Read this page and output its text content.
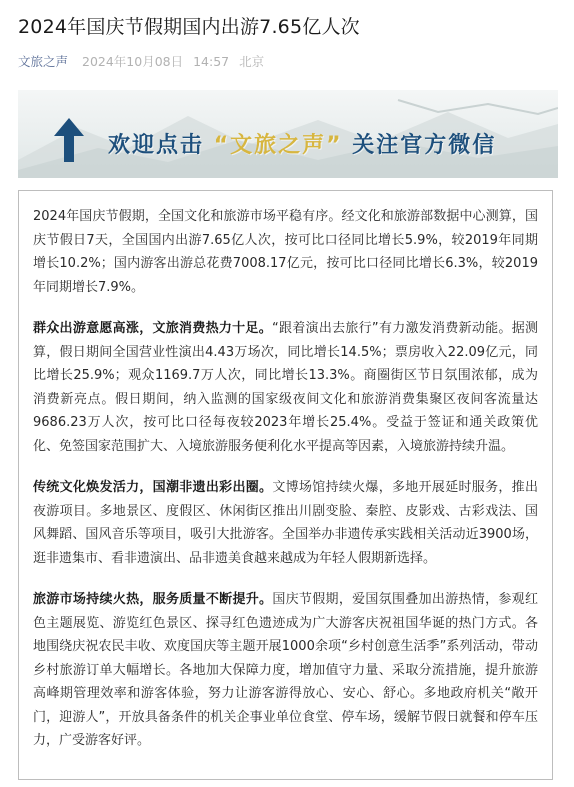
2024年国庆节假期国内出游7.65亿人次
文旅之声 2024年10月08日 14:57 北京
欢迎点击 “文旅之声” 关注官方微信

2024年国庆节假期，全国文化和旅游市场平稳有序。经文化和旅游部数据中心测算，国庆节假日7天，全国国内出游7.65亿人次，按可比口径同比增长5.9%，较2019年同期增长10.2%；国内游客出游总花费7008.17亿元，按可比口径同比增长6.3%，较2019年同期增长7.9%。

群众出游意愿高涨，文旅消费热力十足。“跟着演出去旅行”有力激发消费新动能。据测算，假日期间全国营业性演出4.43万场次，同比增长14.5%；票房收入22.09亿元，同比增长25.9%；观众1169.7万人次，同比增长13.3%。商圈街区节日氛围浓郁，成为消费新亮点。假日期间，纳入监测的国家级夜间文化和旅游消费集聚区夜间客流量达9686.23万人次，按可比口径每夜较2023年增长25.4%。受益于签证和通关政策优化、免签国家范围扩大、入境旅游服务便利化水平提高等因素，入境旅游持续升温。

传统文化焕发活力，国潮非遗出彩出圈。文博场馆持续火爆，多地开展延时服务，推出夜游项目。多地景区、度假区、休闲街区推出川剧变脸、秦腔、皮影戏、古彩戏法、国风舞蹈、国风音乐等项目，吸引大批游客。全国举办非遗传承实践相关活动近3900场，逛非遗集市、看非遗演出、品非遗美食越来越成为年轻人假期新选择。

旅游市场持续火热，服务质量不断提升。国庆节假期，爱国氛围叠加出游热情，参观红色主题展览、游览红色景区、探寻红色遗迹成为广大游客庆祝祖国华诞的热门方式。各地围绕庆祝农民丰收、欢度国庆等主题开展1000余项“乡村创意生活季”系列活动，带动乡村旅游订单大幅增长。各地加大保障力度，增加值守力量、采取分流措施，提升旅游高峰期管理效率和游客体验，努力让游客游得放心、安心、舒心。多地政府机关“敞开门，迎游人”，开放具备条件的机关企事业单位食堂、停车场，缓解节假日就餐和停车压力，广受游客好评。
